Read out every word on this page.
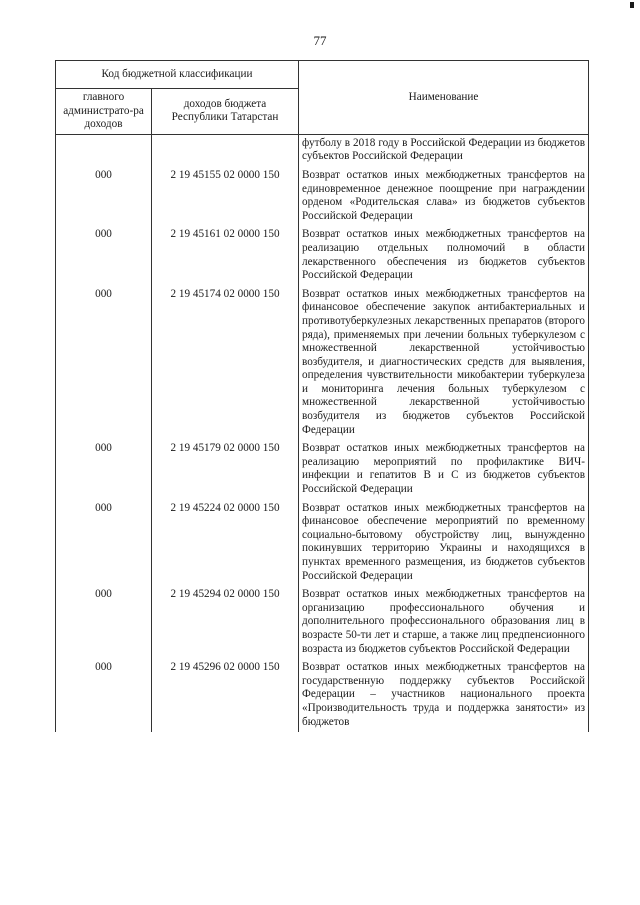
77
Код бюджетной классификации		Наименование
главного администрато-ра доходов	доходов бюджета Республики Татарстан	
		футболу в 2018 году в Российской Федерации из бюджетов субъектов Российской Федерации
000	2 19 45155 02 0000 150	Возврат остатков иных межбюджетных трансфертов на единовременное денежное поощрение при награждении орденом «Родительская слава» из бюджетов субъектов Российской Федерации
000	2 19 45161 02 0000 150	Возврат остатков иных межбюджетных трансфертов на реализацию отдельных полномочий в области лекарственного обеспечения из бюджетов субъектов Российской Федерации
000	2 19 45174 02 0000 150	Возврат остатков иных межбюджетных трансфертов на финансовое обеспечение закупок антибактериальных и противотуберкулезных лекарственных препаратов (второго ряда), применяемых при лечении больных туберкулезом с множественной лекарственной устойчивостью возбудителя, и диагностических средств для выявления, определения чувствительности микобактерии туберкулеза и мониторинга лечения больных туберкулезом с множественной лекарственной устойчивостью возбудителя из бюджетов субъектов Российской Федерации
000	2 19 45179 02 0000 150	Возврат остатков иных межбюджетных трансфертов на реализацию мероприятий по профилактике ВИЧ-инфекции и гепатитов B и C из бюджетов субъектов Российской Федерации
000	2 19 45224 02 0000 150	Возврат остатков иных межбюджетных трансфертов на финансовое обеспечение мероприятий по временному социально-бытовому обустройству лиц, вынужденно покинувших территорию Украины и находящихся в пунктах временного размещения, из бюджетов субъектов Российской Федерации
000	2 19 45294 02 0000 150	Возврат остатков иных межбюджетных трансфертов на организацию профессионального обучения и дополнительного профессионального образования лиц в возрасте 50-ти лет и старше, а также лиц предпенсионного возраста из бюджетов субъектов Российской Федерации
000	2 19 45296 02 0000 150	Возврат остатков иных межбюджетных трансфертов на государственную поддержку субъектов Российской Федерации – участников национального проекта «Производительность труда и поддержка занятости» из бюджетов
